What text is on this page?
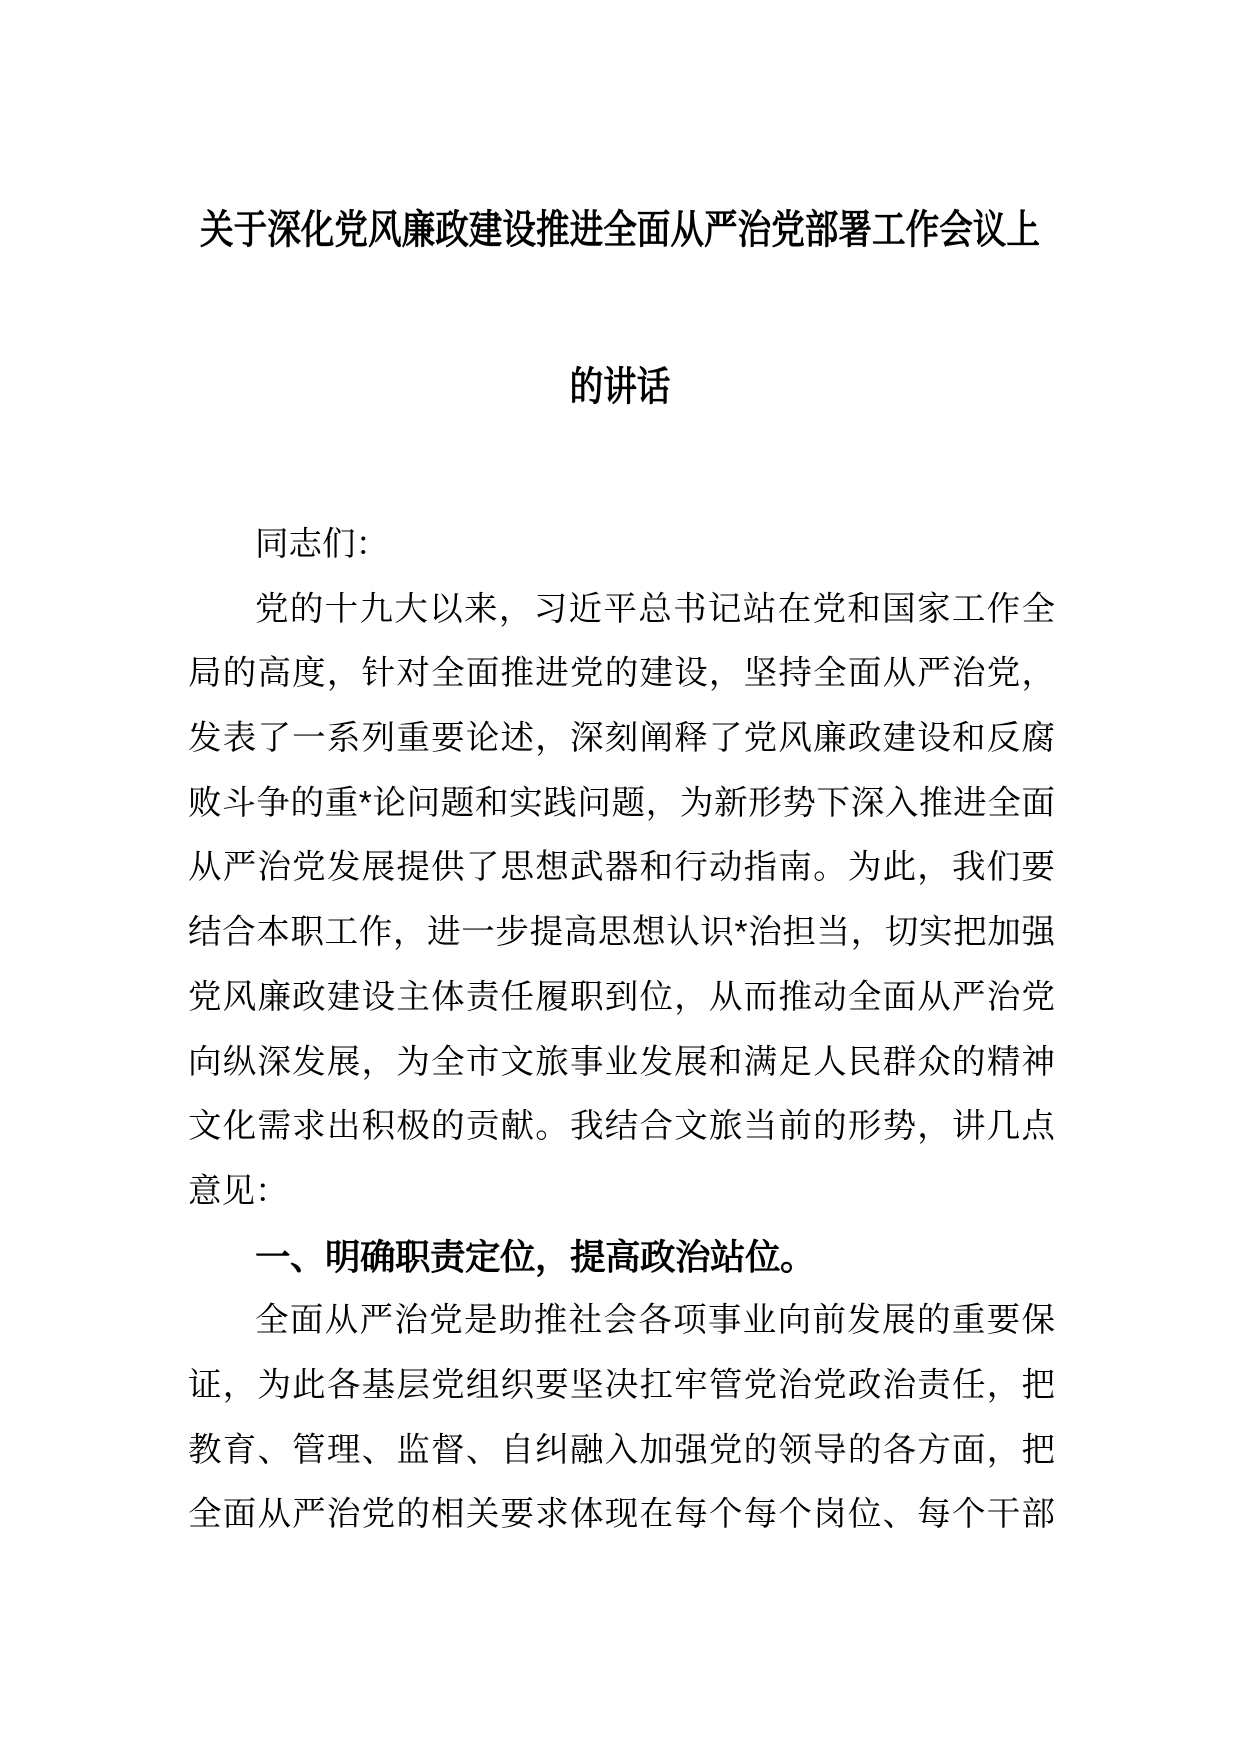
关于深化党风廉政建设推进全面从严治党部署工作会议上
的讲话
同志们：
党的十九大以来，习近平总书记站在党和国家工作全
局的高度，针对全面推进党的建设，坚持全面从严治党，
发表了一系列重要论述，深刻阐释了党风廉政建设和反腐
败斗争的重*论问题和实践问题，为新形势下深入推进全面
从严治党发展提供了思想武器和行动指南。为此，我们要
结合本职工作，进一步提高思想认识*治担当，切实把加强
党风廉政建设主体责任履职到位，从而推动全面从严治党
向纵深发展，为全市文旅事业发展和满足人民群众的精神
文化需求出积极的贡献。我结合文旅当前的形势，讲几点
意见：
一、明确职责定位，提高政治站位。
全面从严治党是助推社会各项事业向前发展的重要保
证，为此各基层党组织要坚决扛牢管党治党政治责任，把
教育、管理、监督、自纠融入加强党的领导的各方面，把
全面从严治党的相关要求体现在每个每个岗位、每个干部
